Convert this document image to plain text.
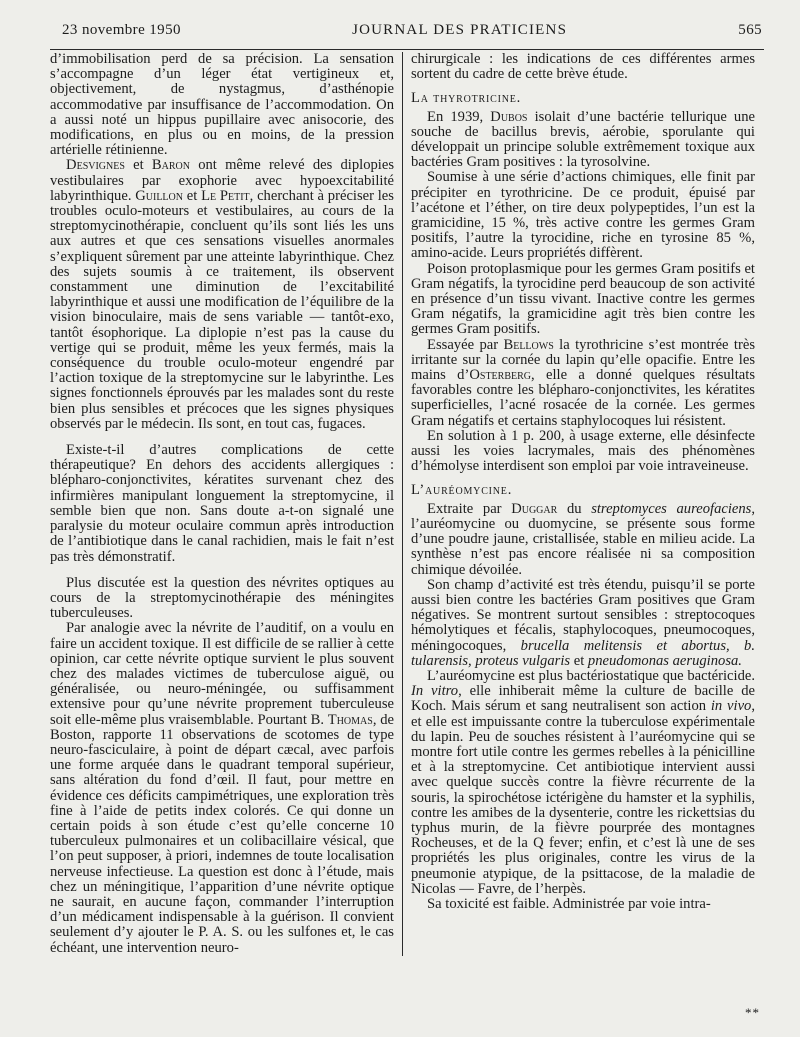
23 novembre 1950	JOURNAL DES PRATICIENS	565

d’immobilisation perd de sa précision. La sensation s’accompagne d’un léger état vertigineux et, objectivement, de nystagmus, d’asthénopie accommodative par insuffisance de l’accommodation. On a aussi noté un hippus pupillaire avec anisocorie, des modifications, en plus ou en moins, de la pression artérielle rétinienne.

Desvignes et Baron ont même relevé des diplopies vestibulaires par exophorie avec hypoexcitabilité labyrinthique. Guillon et Le Petit, cherchant à préciser les troubles oculo-moteurs et vestibulaires, au cours de la streptomycinothérapie, concluent qu’ils sont liés les uns aux autres et que ces sensations visuelles anormales s’expliquent sûrement par une atteinte labyrinthique. Chez des sujets soumis à ce traitement, ils observent constamment une diminution de l’excitabilité labyrinthique et aussi une modification de l’équilibre de la vision binoculaire, mais de sens variable — tantôt-exo, tantôt ésophorique. La diplopie n’est pas la cause du vertige qui se produit, même les yeux fermés, mais la conséquence du trouble oculo-moteur engendré par l’action toxique de la streptomycine sur le labyrinthe. Les signes fonctionnels éprouvés par les malades sont du reste bien plus sensibles et précoces que les signes physiques observés par le médecin. Ils sont, en tout cas, fugaces.

Existe-t-il d’autres complications de cette thérapeutique? En dehors des accidents allergiques : blépharo-conjonctivites, kératites survenant chez des infirmières manipulant longuement la streptomycine, il semble bien que non. Sans doute a-t-on signalé une paralysie du moteur oculaire commun après introduction de l’antibiotique dans le canal rachidien, mais le fait n’est pas très démonstratif.

Plus discutée est la question des névrites optiques au cours de la streptomycinothérapie des méningites tuberculeuses.

Par analogie avec la névrite de l’auditif, on a voulu en faire un accident toxique. Il est difficile de se rallier à cette opinion, car cette névrite optique survient le plus souvent chez des malades victimes de tuberculose aiguë, ou généralisée, ou neuro-méningée, ou suffisamment extensive pour qu’une névrite proprement tuberculeuse soit elle-même plus vraisemblable. Pourtant B. Thomas, de Boston, rapporte 11 observations de scotomes de type neuro-fasciculaire, à point de départ cæcal, avec parfois une forme arquée dans le quadrant temporal supérieur, sans altération du fond d’œil. Il faut, pour mettre en évidence ces déficits campimétriques, une exploration très fine à l’aide de petits index colorés. Ce qui donne un certain poids à son étude c’est qu’elle concerne 10 tuberculeux pulmonaires et un colibacillaire vésical, que l’on peut supposer, à priori, indemnes de toute localisation nerveuse infectieuse. La question est donc à l’étude, mais chez un méningitique, l’apparition d’une névrite optique ne saurait, en aucune façon, commander l’interruption d’un médicament indispensable à la guérison. Il convient seulement d’y ajouter le P. A. S. ou les sulfones et, le cas échéant, une intervention neuro-

chirurgicale : les indications de ces différentes armes sortent du cadre de cette brève étude.

La thyrotricine.

En 1939, Dubos isolait d’une bactérie tellurique une souche de bacillus brevis, aérobie, sporulante qui développait un principe soluble extrêmement toxique aux bactéries Gram positives : la tyrosolvine.

Soumise à une série d’actions chimiques, elle finit par précipiter en tyrothricine. De ce produit, épuisé par l’acétone et l’éther, on tire deux polypeptides, l’un est la gramicidine, 15 %, très active contre les germes Gram positifs, l’autre la tyrocidine, riche en tyrosine 85 %, amino-acide. Leurs propriétés diffèrent.

Poison protoplasmique pour les germes Gram positifs et Gram négatifs, la tyrocidine perd beaucoup de son activité en présence d’un tissu vivant. Inactive contre les germes Gram négatifs, la gramicidine agit très bien contre les germes Gram positifs.

Essayée par Bellows la tyrothricine s’est montrée très irritante sur la cornée du lapin qu’elle opacifie. Entre les mains d’Osterberg, elle a donné quelques résultats favorables contre les blépharo-conjonctivites, les kératites superficielles, l’acné rosacée de la cornée. Les germes Gram négatifs et certains staphylocoques lui résistent.

En solution à 1 p. 200, à usage externe, elle désinfecte aussi les voies lacrymales, mais des phénomènes d’hémolyse interdisent son emploi par voie intraveineuse.

L’auréomycine.

Extraite par Duggar du streptomyces aureofaciens, l’auréomycine ou duomycine, se présente sous forme d’une poudre jaune, cristallisée, stable en milieu acide. La synthèse n’est pas encore réalisée ni sa composition chimique dévoilée.

Son champ d’activité est très étendu, puisqu’il se porte aussi bien contre les bactéries Gram positives que Gram négatives. Se montrent surtout sensibles : streptocoques hémolytiques et fécalis, staphylocoques, pneumocoques, méningocoques, brucella melitensis et abortus, b. tularensis, proteus vulgaris et pneudomonas aeruginosa.

L’auréomycine est plus bactériostatique que bactéricide. In vitro, elle inhiberait même la culture de bacille de Koch. Mais sérum et sang neutralisent son action in vivo, et elle est impuissante contre la tuberculose expérimentale du lapin. Peu de souches résistent à l’auréomycine qui se montre fort utile contre les germes rebelles à la pénicilline et à la streptomycine. Cet antibiotique intervient aussi avec quelque succès contre la fièvre récurrente de la souris, la spirochétose ictérigène du hamster et la syphilis, contre les amibes de la dysenterie, contre les rickettsias du typhus murin, de la fièvre pourprée des montagnes Rocheuses, et de la Q fever; enfin, et c’est là une de ses propriétés les plus originales, contre les virus de la pneumonie atypique, de la psittacose, de la maladie de Nicolas — Favre, de l’herpès.

Sa toxicité est faible. Administrée par voie intra-

**
